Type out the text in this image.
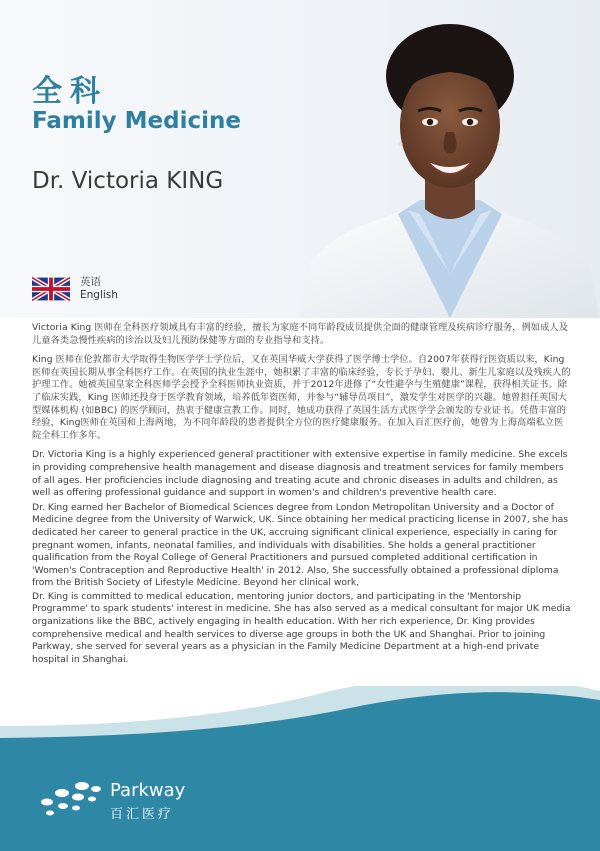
全科
Family Medicine
Dr. Victoria KING
英语
English

Victoria King 医师在全科医疗领域具有丰富的经验，擅长为家庭不同年龄段成员提供全面的健康管理及疾病诊疗服务，例如成人及儿童各类急慢性疾病的诊治以及妇儿预防保健等方面的专业指导和支持。

King 医师在伦敦都市大学取得生物医学学士学位后，又在英国华威大学获得了医学博士学位。自2007年获得行医资质以来，King 医师在英国长期从事全科医疗工作。在英国的执业生涯中，她积累了丰富的临床经验，专长于孕妇、婴儿、新生儿家庭以及残疾人的护理工作。她被英国皇家全科医师学会授予全科医师执业资质，并于2012年进修了“女性避孕与生殖健康”课程，获得相关证书。除了临床实践，King 医师还投身于医学教育领域，培养低年资医师，并参与“辅导员项目”，激发学生对医学的兴趣。她曾担任英国大型媒体机构 (如BBC) 的医学顾问，热衷于健康宣教工作。同时，她成功获得了英国生活方式医学学会颁发的专业证书。凭借丰富的经验，King医师在英国和上海两地，为不同年龄段的患者提供全方位的医疗健康服务。在加入百汇医疗前，她曾为上海高端私立医院全科工作多年。

Dr. Victoria King is a highly experienced general practitioner with extensive expertise in family medicine. She excels in providing comprehensive health management and disease diagnosis and treatment services for family members of all ages. Her proficiencies include diagnosing and treating acute and chronic diseases in adults and children, as well as offering professional guidance and support in women's and children's preventive health care.

Dr. King earned her Bachelor of Biomedical Sciences degree from London Metropolitan University and a Doctor of Medicine degree from the University of Warwick, UK. Since obtaining her medical practicing license in 2007, she has dedicated her career to general practice in the UK, accruing significant clinical experience, especially in caring for pregnant women, infants, neonatal families, and individuals with disabilities. She holds a general practitioner qualification from the Royal College of General Practitioners and pursued completed additional certification in 'Women's Contraception and Reproductive Health' in 2012. Also, She successfully obtained a professional diploma from the British Society of Lifestyle Medicine. Beyond her clinical work,

Dr. King is committed to medical education, mentoring junior doctors, and participating in the 'Mentorship Programme' to spark students' interest in medicine. She has also served as a medical consultant for major UK media organizations like the BBC, actively engaging in health education. With her rich experience, Dr. King provides comprehensive medical and health services to diverse age groups in both the UK and Shanghai. Prior to joining Parkway, she served for several years as a physician in the Family Medicine Department at a high-end private hospital in Shanghai.

Parkway
百汇医疗
